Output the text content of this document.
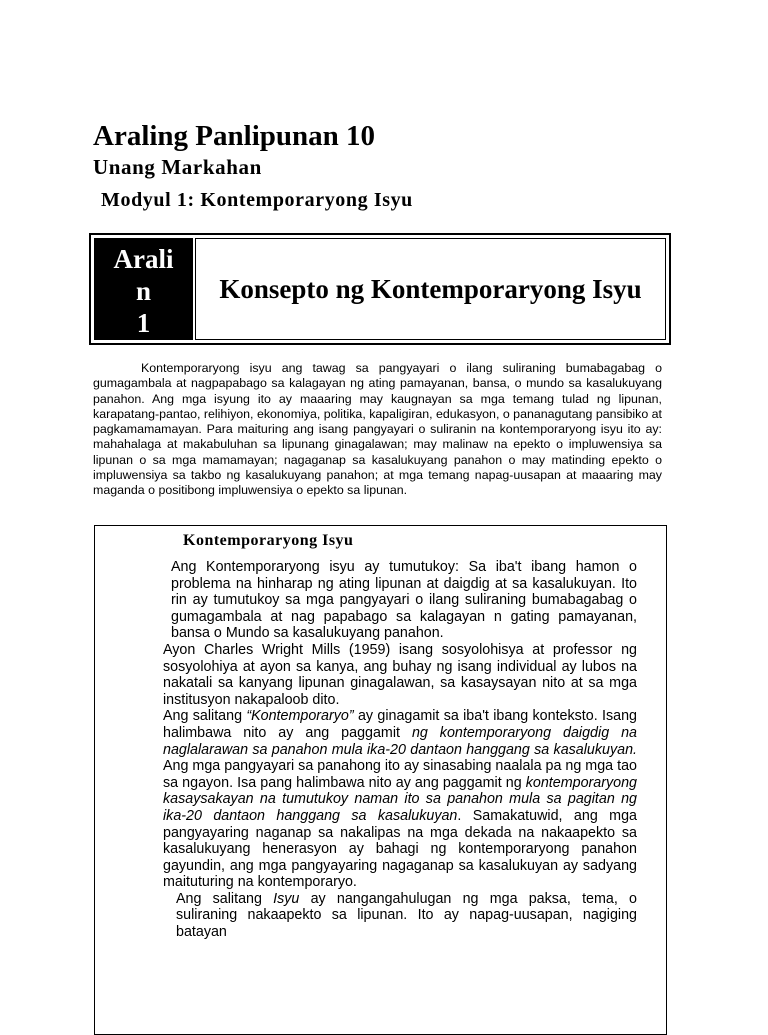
Araling Panlipunan 10
Unang Markahan
Modyul 1: Kontemporaryong Isyu
Arali
n
1
Konsepto ng Kontemporaryong Isyu

Kontemporaryong isyu ang tawag sa pangyayari o ilang suliraning bumabagabag o gumagambala at nagpapabago sa kalagayan ng ating pamayanan, bansa, o mundo sa kasalukuyang panahon. Ang mga isyung ito ay maaaring may kaugnayan sa mga temang tulad ng lipunan, karapatang-pantao, relihiyon, ekonomiya, politika, kapaligiran, edukasyon, o pananagutang pansibiko at pagkamamamayan. Para maituring ang isang pangyayari o suliranin na kontemporaryong isyu ito ay: mahahalaga at makabuluhan sa lipunang ginagalawan; may malinaw na epekto o impluwensiya sa lipunan o sa mga mamamayan; nagaganap sa kasalukuyang panahon o may matinding epekto o impluwensiya sa takbo ng kasalukuyang panahon; at mga temang napag-uusapan at maaaring may maganda o positibong impluwensiya o epekto sa lipunan.

Kontemporaryong Isyu

Ang Kontemporaryong isyu ay tumutukoy: Sa iba't ibang hamon o problema na hinharap ng ating lipunan at daigdig at sa kasalukuyan. Ito rin ay tumutukoy sa mga pangyayari o ilang suliraning bumabagabag o gumagambala at nag papabago sa kalagayan n gating pamayanan, bansa o Mundo sa kasalukuyang panahon.

Ayon Charles Wright Mills (1959) isang sosyolohisya at professor ng sosyolohiya at ayon sa kanya, ang buhay ng isang individual ay lubos na nakatali sa kanyang lipunan ginagalawan, sa kasaysayan nito at sa mga institusyon nakapaloob dito.

Ang salitang “Kontemporaryo” ay ginagamit sa iba't ibang konteksto. Isang halimbawa nito ay ang paggamit ng kontemporaryong daigdig na naglalarawan sa panahon mula ika-20 dantaon hanggang sa kasalukuyan. Ang mga pangyayari sa panahong ito ay sinasabing naalala pa ng mga tao sa ngayon. Isa pang halimbawa nito ay ang paggamit ng kontemporaryong kasaysakayan na tumutukoy naman ito sa panahon mula sa pagitan ng ika-20 dantaon hanggang sa kasalukuyan. Samakatuwid, ang mga pangyayaring naganap sa nakalipas na mga dekada na nakaapekto sa kasalukuyang henerasyon ay bahagi ng kontemporaryong panahon gayundin, ang mga pangyayaring nagaganap sa kasalukuyan ay sadyang maituturing na kontemporaryo.

Ang salitang Isyu ay nangangahulugan ng mga paksa, tema, o suliraning nakaapekto sa lipunan. Ito ay napag-uusapan, nagiging batayan
